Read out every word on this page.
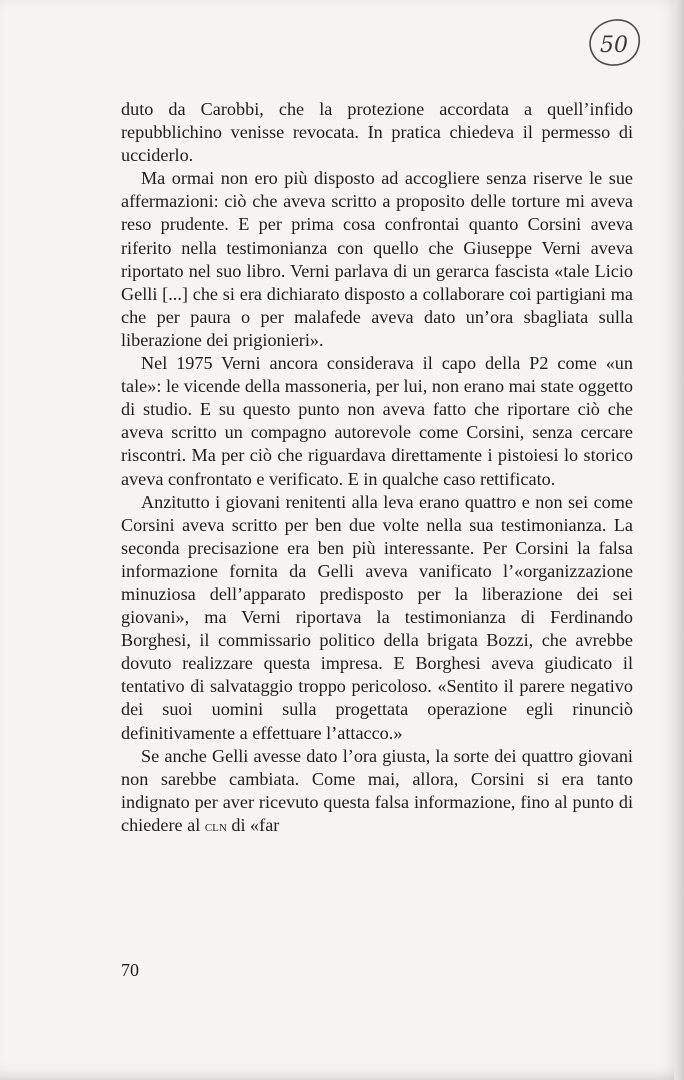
50

duto da Carobbi, che la protezione accordata a quell’infido repubblichino venisse revocata. In pratica chiedeva il permesso di ucciderlo.

Ma ormai non ero più disposto ad accogliere senza riserve le sue affermazioni: ciò che aveva scritto a proposito delle torture mi aveva reso prudente. E per prima cosa confrontai quanto Corsini aveva riferito nella testimonianza con quello che Giuseppe Verni aveva riportato nel suo libro. Verni parlava di un gerarca fascista «tale Licio Gelli [...] che si era dichiarato disposto a collaborare coi partigiani ma che per paura o per malafede aveva dato un’ora sbagliata sulla liberazione dei prigionieri».

Nel 1975 Verni ancora considerava il capo della P2 come «un tale»: le vicende della massoneria, per lui, non erano mai state oggetto di studio. E su questo punto non aveva fatto che riportare ciò che aveva scritto un compagno autorevole come Corsini, senza cercare riscontri. Ma per ciò che riguardava direttamente i pistoiesi lo storico aveva confrontato e verificato. E in qualche caso rettificato.

Anzitutto i giovani renitenti alla leva erano quattro e non sei come Corsini aveva scritto per ben due volte nella sua testimonianza. La seconda precisazione era ben più interessante. Per Corsini la falsa informazione fornita da Gelli aveva vanificato l’«organizzazione minuziosa dell’apparato predisposto per la liberazione dei sei giovani», ma Verni riportava la testimonianza di Ferdinando Borghesi, il commissario politico della brigata Bozzi, che avrebbe dovuto realizzare questa impresa. E Borghesi aveva giudicato il tentativo di salvataggio troppo pericoloso. «Sentito il parere negativo dei suoi uomini sulla progettata operazione egli rinunciò definitivamente a effettuare l’attacco.»

Se anche Gelli avesse dato l’ora giusta, la sorte dei quattro giovani non sarebbe cambiata. Come mai, allora, Corsini si era tanto indignato per aver ricevuto questa falsa informazione, fino al punto di chiedere al cln di «far

70
